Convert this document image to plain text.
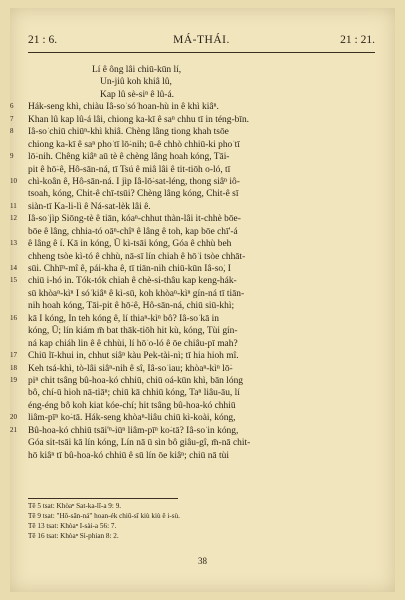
21 : 6.	MÁ-THÁI.	21 : 21.
Lí ê ông lâi chiū-kūn lí,
Un-jiû koh khiâ lû,
Kap lû sè-siⁿ ê lû-á.
6 Hák-seng khì, chiàu Iâ-so͘ só͘ hoan-hù in ê khì kiâⁿ.
7 Khan lû kap lû-á lâi, chiong ka-kī ê saⁿ chhu tī in téng-bīn.
8 Iâ-so͘ chiū chiūⁿ-khì khiâ. Chèng lâng tiong khah tsōe
chiong ka-kī ê saⁿ pho͘ tī lō͘-nih; ū-ê chhò chhiū-ki pho͘ tī
9 lō͘-nih. Chêng kiâⁿ aū tè ê chèng lâng hoah kóng, Tāi-
pit ê hō͘-ê, Hô-sān-ná, tī Tsú ê miâ lâi ê tit-tiōh o-ló, tī
10 chì-koân ê, Hô-sān-ná. I jìp Iâ-lō͘-sat-léng, thong siâⁿ iô-
tsoah, kóng, Chit-ê chī-tsūi? Chèng lâng kóng, Chit-ê sī
11 siàn-tī Ka-li-lì ê Ná-sat-lèk lâi ê.
12 Iâ-so͘ jìp Siōng-tè ê tiān, kóaⁿ-chhut thàn-lâi it-chhè bōe-
bōe ê lâng, chhia-tó oāⁿ-chîⁿ ê lâng ê toh, kap bōe chī'-á
13 ê lâng ê í. Kā in kóng, Ū kì-tsāi kóng, Góa ê chhù beh
chheng tsòe kì-tó ê chhù, nā-sī lín chiah ê hō͘ i tsòe chhāt-
14 sūi. Chhīⁿ-mî ê, pái-kha ê, tī tiān-nih chiū-kūn Iâ-so͘, I
15 chiū i-hó in. Tók-tók chiah ê chè-si-thâu kap keng-hák-
sū khòaⁿ-kìⁿ I só͘ kiâⁿ ê kì-sū, koh khòaⁿ-kìⁿ gín-ná tī tiān-
nih hoah kóng, Tāi-pit ê hō͘-ê, Hô-sān-ná, chiū siū-khì;
16 kā I kóng, In teh kóng ê, lí thiaⁿ-kìⁿ bô? Iâ-so͘ kā in
kóng, Ū; lín kiám m̄ bat thāk-tiōh hit kù, kóng, Tùi gín-
ná kap chiáh lin ê ê chhùi, lí hō͘ o-ló ê ōe chiâu-pī mah?
17 Chiū lī-khui in, chhut siâⁿ kàu Pek-tài-nì; tī hia hioh mî.
18 Keh tsá-khì, tò-lâi siâⁿ-nih ê sî, Iâ-so͘ iau; khòaⁿ-kìⁿ lō͘-
19 piⁿ chit tsâng bû-hoa-kó chhiū, chiū oá-kūn khì, bān lóng
bô, chí-ū hioh nā-tiāⁿ; chiū kā chhiū kóng, Taⁿ liâu-āu, lí
éng-éng bô koh kiat kóe-chí; hit tsâng bû-hoa-kó chhiū
20 liâm-pīⁿ ko͘-tā. Hák-seng khòaⁿ-liâu chiū kì-koài, kóng,
21 Bû-hoa-kó chhiū tsāi'ⁿ-iūⁿ liâm-pīⁿ ko͘-tā? Iâ-so͘ in kóng,
Góa sit-tsāi kā lín kóng, Lín nā ū sìn bô giâu-gî, m̄-nā chit-
hō kiâⁿ tī bû-hoa-kó chhiū ê sū lín ōe kiâⁿ; chiū nā tùi
Tē 5 tsat: Khòaⁿ Sat-ka-lī-a 9: 9.
Tē 9 tsat: "Hô-sān-ná" hoan-ék chiū-sī kiù kiù ê i-sù.
Tē 13 tsat: Khòaⁿ I-sài-a 56: 7.
Tē 16 tsat: Khòaⁿ Sì-phian 8: 2.
38
